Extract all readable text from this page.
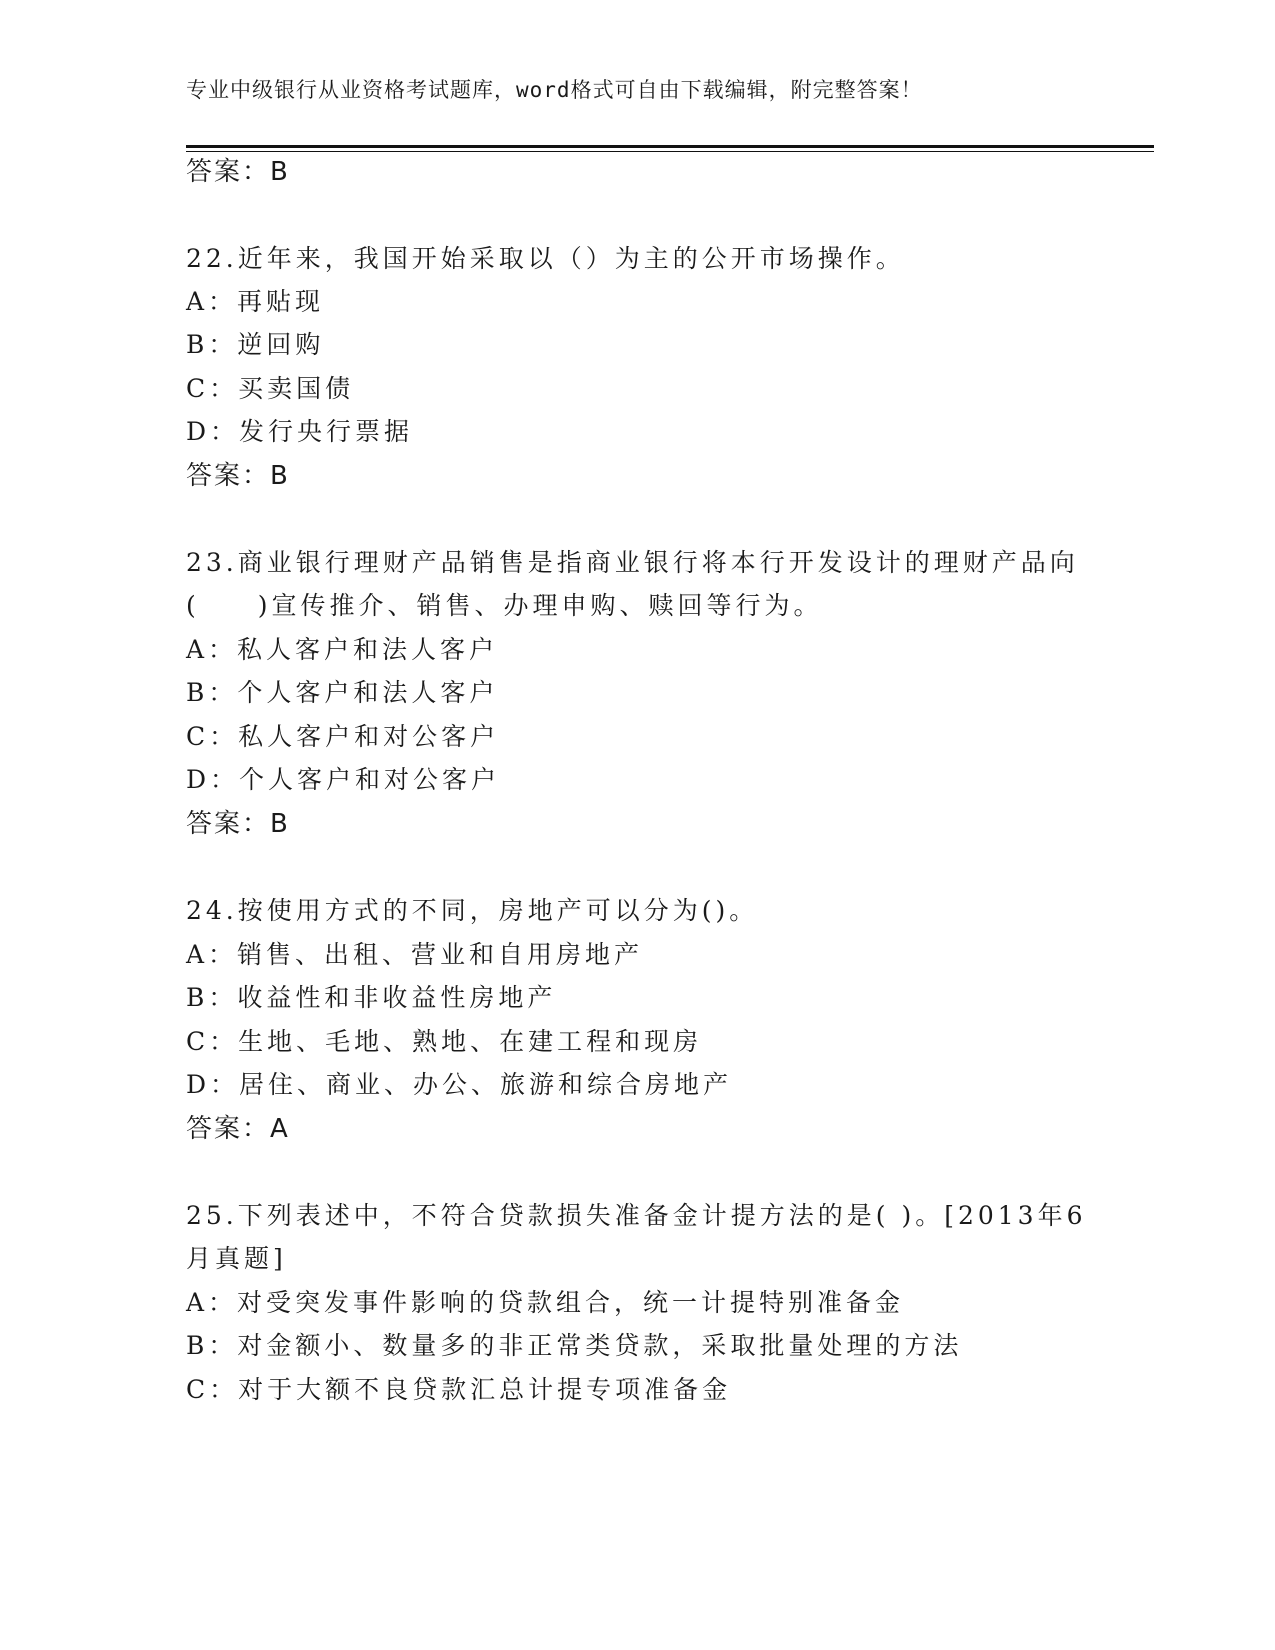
专业中级银行从业资格考试题库，word格式可自由下载编辑，附完整答案！
答案：B
22.近年来，我国开始采取以（）为主的公开市场操作。
A：再贴现
B：逆回购
C：买卖国债
D：发行央行票据
答案：B
23.商业银行理财产品销售是指商业银行将本行开发设计的理财产品向
(　　)宣传推介、销售、办理申购、赎回等行为。
A：私人客户和法人客户
B：个人客户和法人客户
C：私人客户和对公客户
D：个人客户和对公客户
答案：B
24.按使用方式的不同，房地产可以分为()。
A：销售、出租、营业和自用房地产
B：收益性和非收益性房地产
C：生地、毛地、熟地、在建工程和现房
D：居住、商业、办公、旅游和综合房地产
答案：A
25.下列表述中，不符合贷款损失准备金计提方法的是( )。[2013年6
月真题]
A：对受突发事件影响的贷款组合，统一计提特别准备金
B：对金额小、数量多的非正常类贷款，采取批量处理的方法
C：对于大额不良贷款汇总计提专项准备金
